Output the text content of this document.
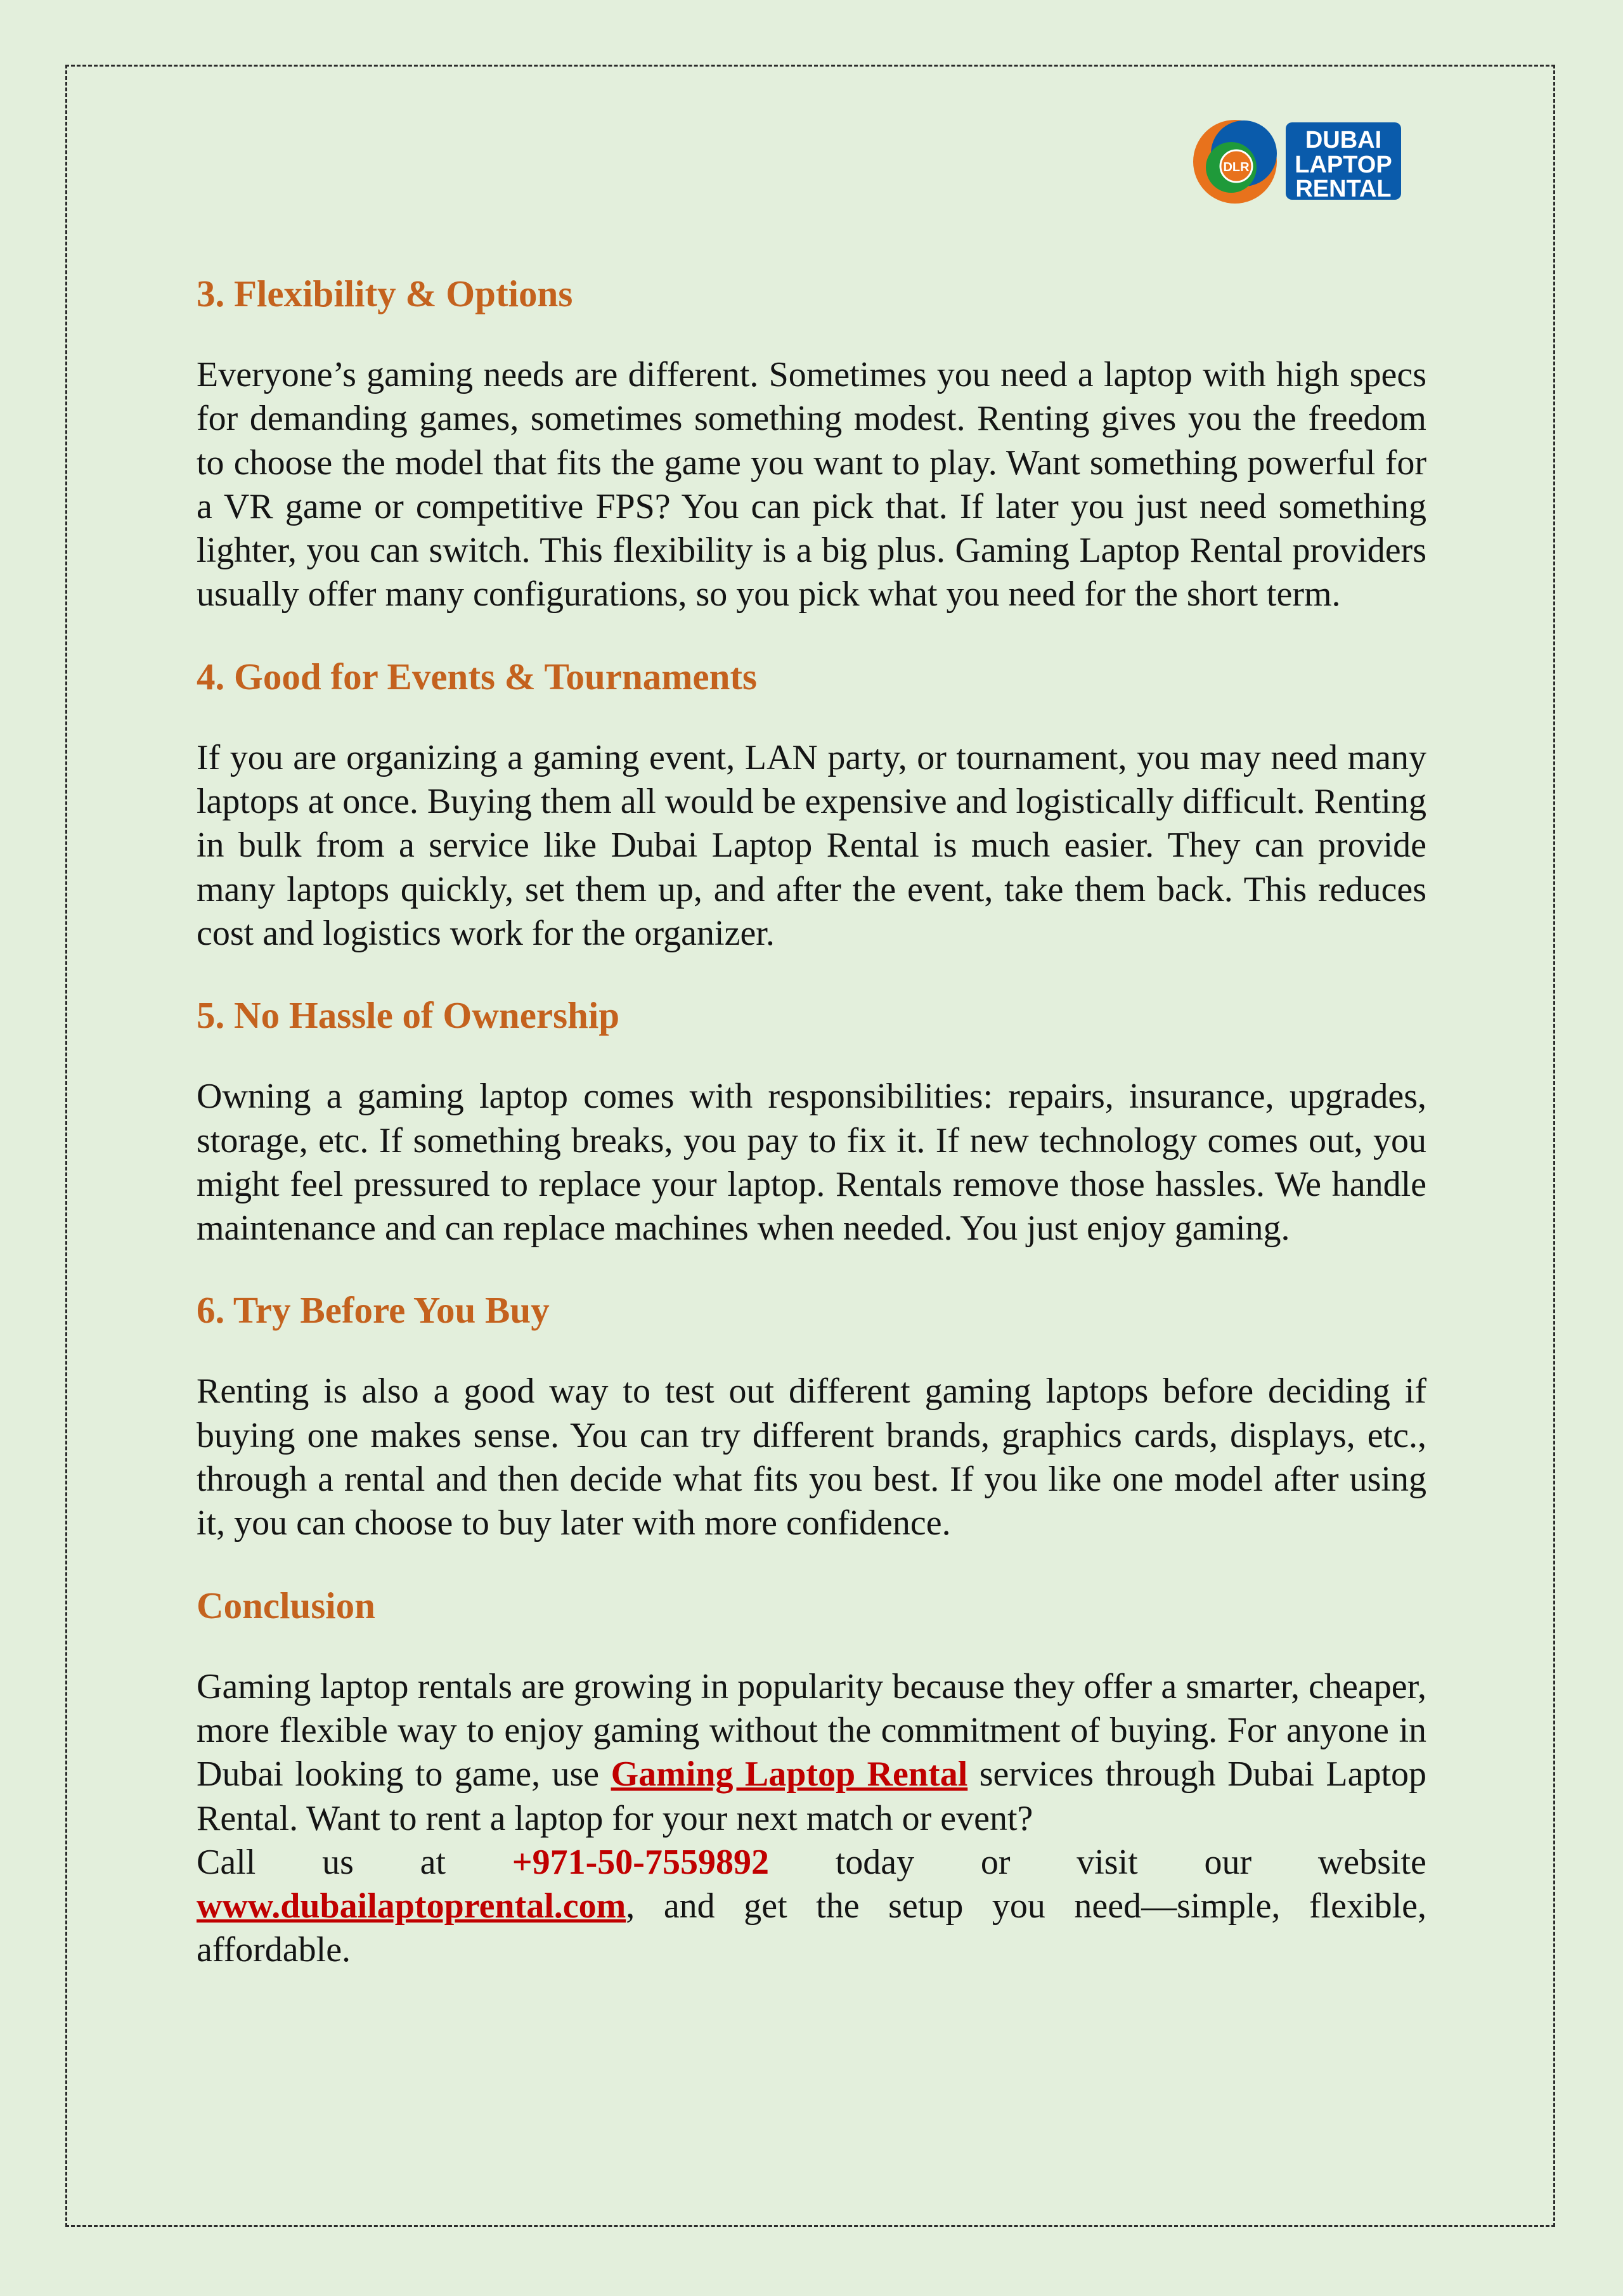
DLR
DUBAI
LAPTOP
RENTAL
3. Flexibility & Options

Everyone’s gaming needs are different. Sometimes you need a laptop with high specs for demanding games, sometimes something modest. Renting gives you the freedom to choose the model that fits the game you want to play. Want something powerful for a VR game or competitive FPS? You can pick that. If later you just need something lighter, you can switch. This flexibility is a big plus. Gaming Laptop Rental providers usually offer many configurations, so you pick what you need for the short term.

4. Good for Events & Tournaments

If you are organizing a gaming event, LAN party, or tournament, you may need many laptops at once. Buying them all would be expensive and logistically difficult. Renting in bulk from a service like Dubai Laptop Rental is much easier. They can provide many laptops quickly, set them up, and after the event, take them back. This reduces cost and logistics work for the organizer.

5. No Hassle of Ownership

Owning a gaming laptop comes with responsibilities: repairs, insurance, upgrades, storage, etc. If something breaks, you pay to fix it. If new technology comes out, you might feel pressured to replace your laptop. Rentals remove those hassles. We handle maintenance and can replace machines when needed. You just enjoy gaming.

6. Try Before You Buy

Renting is also a good way to test out different gaming laptops before deciding if buying one makes sense. You can try different brands, graphics cards, displays, etc., through a rental and then decide what fits you best. If you like one model after using it, you can choose to buy later with more confidence.

Conclusion

Gaming laptop rentals are growing in popularity because they offer a smarter, cheaper, more flexible way to enjoy gaming without the commitment of buying. For anyone in Dubai looking to game, use Gaming Laptop Rental services through Dubai Laptop Rental. Want to rent a laptop for your next match or event?

Call us at +971-50-7559892 today or visit our website

www.dubailaptoprental.com, and get the setup you need—simple, flexible, affordable.
